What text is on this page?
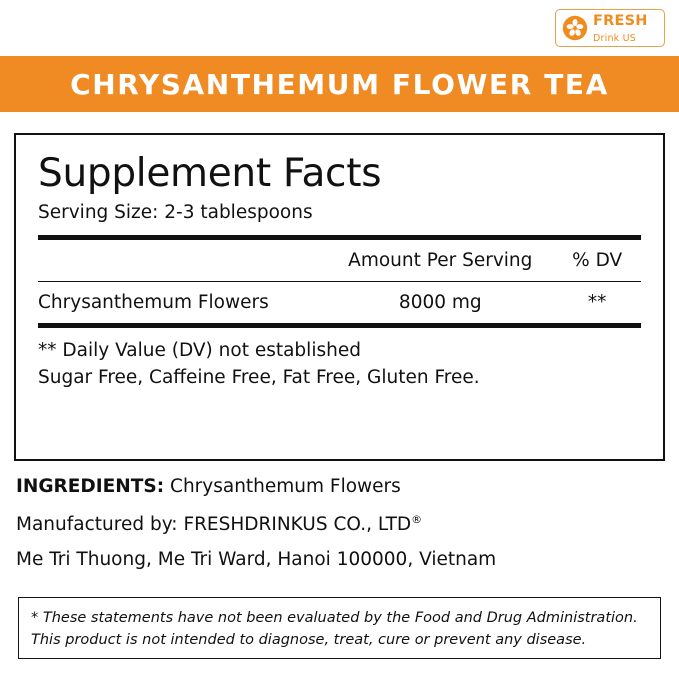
FRESH
Drink US
CHRYSANTHEMUM FLOWER TEA
Supplement Facts
Serving Size: 2-3 tablespoons
	Amount Per Serving	% DV
Chrysanthemum Flowers	8000 mg	**
** Daily Value (DV) not established
Sugar Free, Caffeine Free, Fat Free, Gluten Free.
INGREDIENTS: Chrysanthemum Flowers
Manufactured by: FRESHDRINKUS CO., LTD®
Me Tri Thuong, Me Tri Ward, Hanoi 100000, Vietnam
* These statements have not been evaluated by the Food and Drug Administration.
This product is not intended to diagnose, treat, cure or prevent any disease.
